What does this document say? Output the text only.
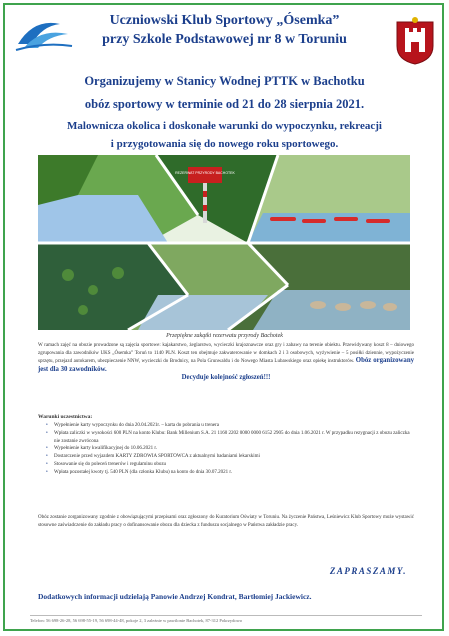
Uczniowski Klub Sportowy „Ósemka”
przy Szkole Podstawowej nr 8 w Toruniu
Organizujemy w Stanicy Wodnej PTTK w Bachotku
obóz sportowy w terminie od 21 do 28 sierpnia 2021.
Malownicza okolica i doskonałe warunki do wypoczynku, rekreacji
i przygotowania się do nowego roku sportowego.
REZERWAT PRZYRODY BACHOTEK
Przepiękne zakątki rezerwatu przyrody Bachotek
W ramach zajęć na obozie prowadzone są zajęcia sportowe: kajakarstwo, żeglarstwo, wycieczki krajoznawcze oraz gry i zabawy na terenie obiektu. Przewidywany koszt 8 – dniowego zgrupowania dla zawodników UKS „Ósemka” Toruń to 1140 PLN. Koszt ten obejmuje zakwaterowanie w domkach 2 i 3 osobowych, wyżywienie – 5 posiłki dziennie, wypożyczenie sprzętu, przejazd autokarem, ubezpieczenie NNW, wycieczki do Brodnicy, na Pola Grunwaldu i do Nowego Miasta Lubawskiego oraz opiekę instruktorów. Obóz organizowany jest dla 30 zawodników.
Decyduje kolejność zgłoszeń!!!
Warunki uczestnictwa:
• Wypełnienie karty wypoczynku do dnia 20.04.2021r. – karta do pobrania u trenera
• Wpłata zaliczki w wysokości 600 PLN na konto Klubu: Bank Millenium S.A. 21 1160 2202 0000 0000 6152 2905 do dnia 1.06.2021 r. W przypadku rezygnacji z obozu zaliczka nie zostanie zwrócona
• Wypełnienie karty kwalifikacyjnej do 10.06.2021 r.
• Dostarczenie przed wyjazdem KARTY ZDROWIA SPORTOWCA z aktualnymi badaniami lekarskimi
• Stosowanie się do poleceń trenerów i regulaminu obozu
• Wpłata pozostałej kwoty tj. 540 PLN (dla członka Klubu) na konto do dnia 30.07.2021 r.
Obóz zostanie zorganizowany zgodnie z obowiązującymi przepisami oraz zgłoszony do Kuratorium Oświaty w Toruniu. Na życzenie Państwa, Leśniewicz Klub Sportowy może wystawić stosowne zaświadczenie do zakładu pracy o dofinansowanie obozu dla dziecka z funduszu socjalnego w Państwa zakładzie pracy.
ZAPRASZAMY.
Dodatkowych informacji udzielają Panowie Andrzej Kondrat, Bartłomiej Jackiewicz.
Telefon: 56 698-26-28, 56 698-55-19, 56 698-44-48, pokoje 2, 3 zależnie w pawilonie Bachotek, 87-312 Pokrzydowo
